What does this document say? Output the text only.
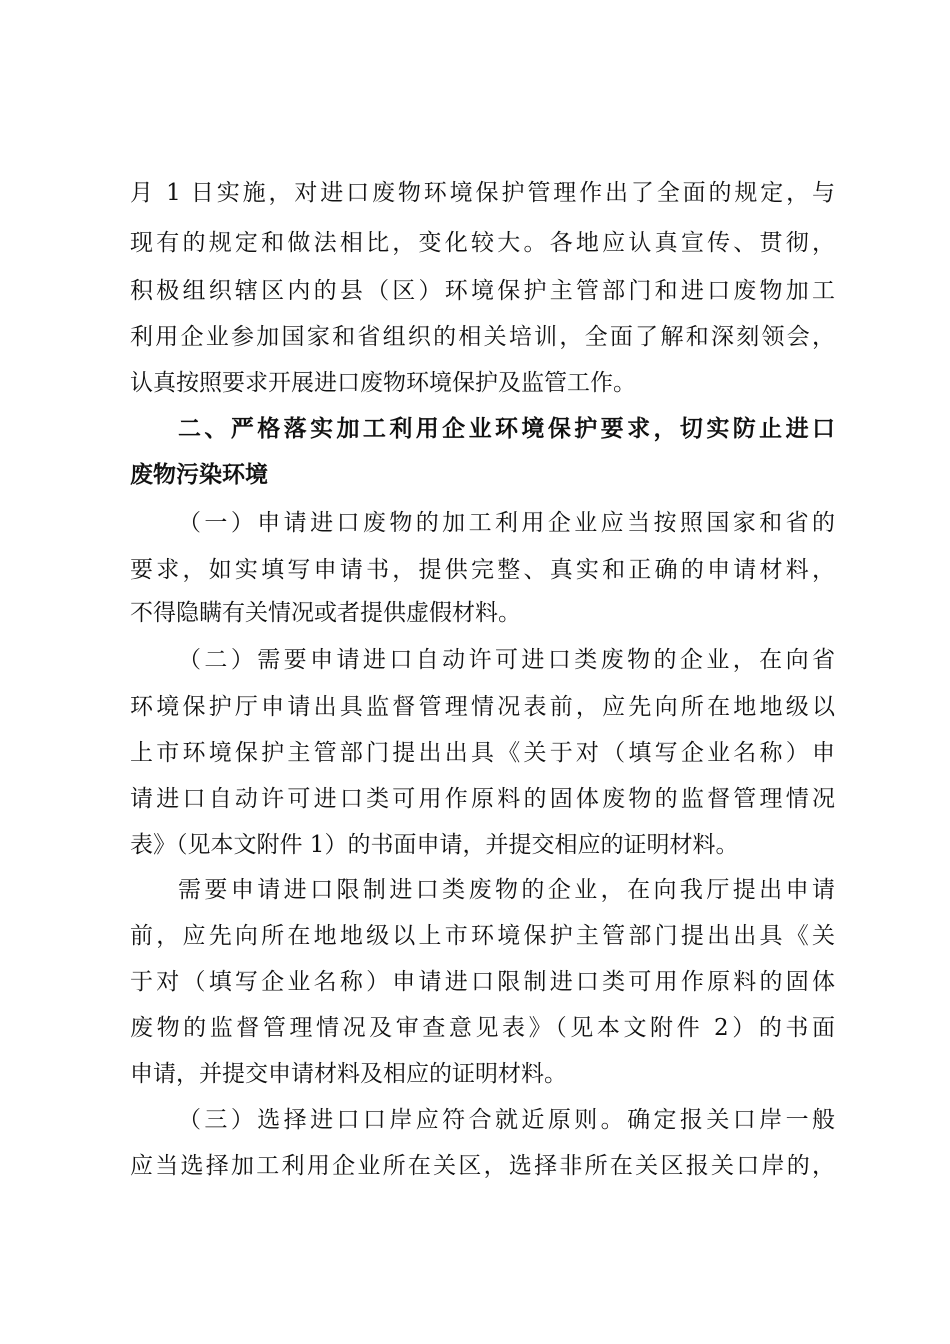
月 1 日实施，对进口废物环境保护管理作出了全面的规定，与
现有的规定和做法相比，变化较大。各地应认真宣传、贯彻，
积极组织辖区内的县（区）环境保护主管部门和进口废物加工
利用企业参加国家和省组织的相关培训，全面了解和深刻领会，
认真按照要求开展进口废物环境保护及监管工作。
二、严格落实加工利用企业环境保护要求，切实防止进口
废物污染环境
（一）申请进口废物的加工利用企业应当按照国家和省的
要求，如实填写申请书，提供完整、真实和正确的申请材料，
不得隐瞒有关情况或者提供虚假材料。
（二）需要申请进口自动许可进口类废物的企业，在向省
环境保护厅申请出具监督管理情况表前，应先向所在地地级以
上市环境保护主管部门提出出具《关于对（填写企业名称）申
请进口自动许可进口类可用作原料的固体废物的监督管理情况
表》（见本文附件 1）的书面申请，并提交相应的证明材料。
需要申请进口限制进口类废物的企业，在向我厅提出申请
前，应先向所在地地级以上市环境保护主管部门提出出具《关
于对（填写企业名称）申请进口限制进口类可用作原料的固体
废物的监督管理情况及审查意见表》（见本文附件 2）的书面
申请，并提交申请材料及相应的证明材料。
（三）选择进口口岸应符合就近原则。确定报关口岸一般
应当选择加工利用企业所在关区，选择非所在关区报关口岸的，
